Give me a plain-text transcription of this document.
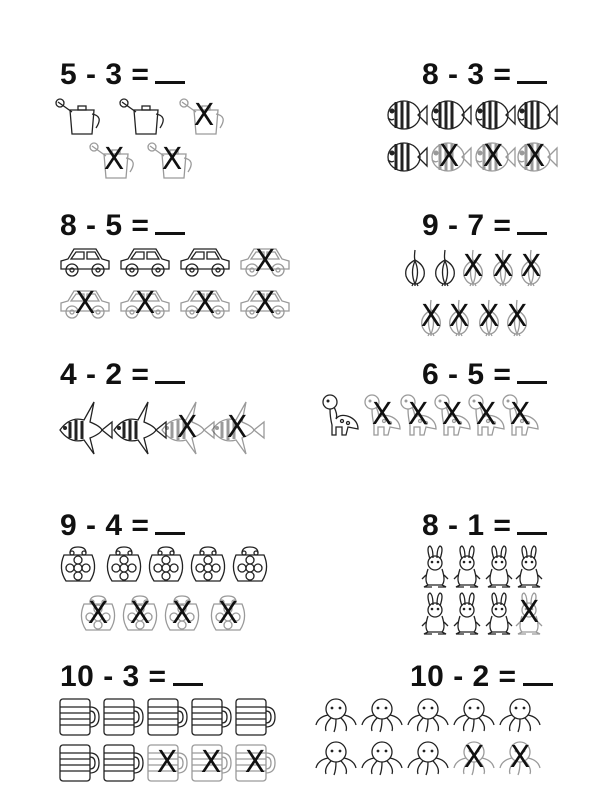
5 - 3 =	8 - 3 =
8 - 5 =	9 - 7 =
4 - 2 =	6 - 5 =
9 - 4 =	8 - 1 =
10 - 3 =	10 - 2 =
X
X X	X X X
X
X X X X
X X X
X X X X
X X	X X X X X
X X X X	X
X X X	X X
